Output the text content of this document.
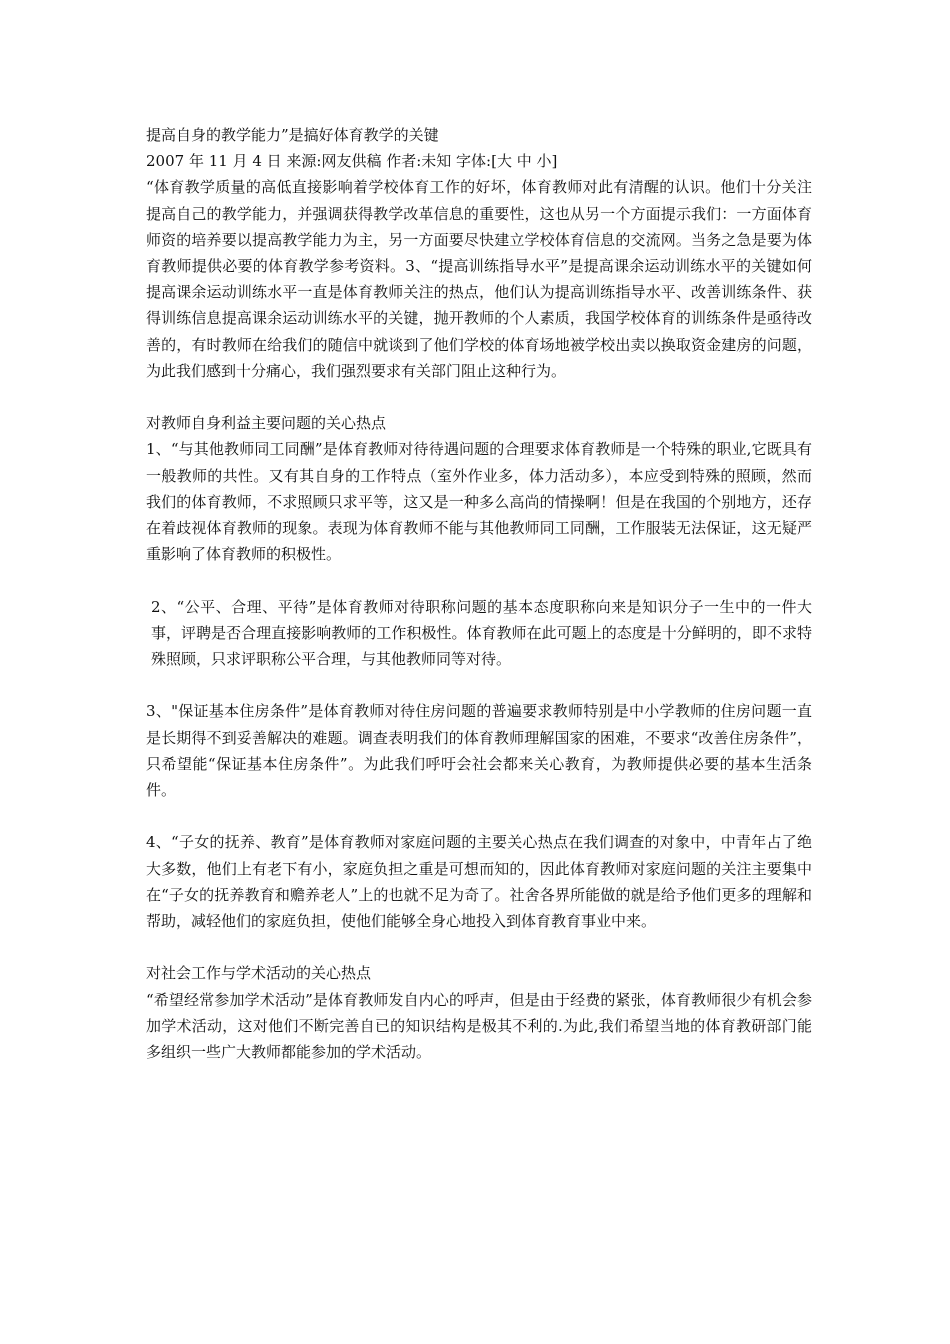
提高自身的教学能力”是搞好体育教学的关键

2007 年 11 月 4 日 来源:网友供稿 作者:未知 字体:[大 中 小]

“体育教学质量的高低直接影响着学校体育工作的好坏，体育教师对此有清醒的认识。他们十分关注提高自己的教学能力，并强调获得教学改革信息的重要性，这也从另一个方面提示我们：一方面体育师资的培养要以提高教学能力为主，另一方面要尽快建立学校体育信息的交流网。当务之急是要为体育教师提供必要的体育教学参考资料。3、“提高训练指导水平”是提高课余运动训练水平的关键如何提高课余运动训练水平一直是体育教师关注的热点，他们认为提高训练指导水平、改善训练条件、获得训练信息提高课余运动训练水平的关键，抛开教师的个人素质，我国学校体育的训练条件是亟待改善的，有时教师在给我们的随信中就谈到了他们学校的体育场地被学校出卖以换取资金建房的问题，为此我们感到十分痛心，我们强烈要求有关部门阻止这种行为。

对教师自身利益主要问题的关心热点

1、“与其他教师同工同酬”是体育教师对待待遇问题的合理要求体育教师是一个特殊的职业,它既具有一般教师的共性。又有其自身的工作特点（室外作业多，体力活动多），本应受到特殊的照顾，然而我们的体育教师，不求照顾只求平等，这又是一种多么高尚的情操啊！但是在我国的个别地方，还存在着歧视体育教师的现象。表现为体育教师不能与其他教师同工同酬，工作服装无法保证，这无疑严重影响了体育教师的积极性。

2、“公平、合理、平待”是体育教师对待职称问题的基本态度职称向来是知识分子一生中的一件大事，评聘是否合理直接影响教师的工作积极性。体育教师在此可题上的态度是十分鲜明的，即不求特殊照顾，只求评职称公平合理，与其他教师同等对待。

3、"保证基本住房条件”是体育教师对待住房问题的普遍要求教师特别是中小学教师的住房问题一直是长期得不到妥善解决的难题。调查表明我们的体育教师理解国家的困难，不要求“改善住房条件”，只希望能“保证基本住房条件”。为此我们呼吁会社会都来关心教育，为教师提供必要的基本生活条件。

4、“子女的抚养、教育”是体育教师对家庭问题的主要关心热点在我们调查的对象中，中青年占了绝大多数，他们上有老下有小，家庭负担之重是可想而知的，因此体育教师对家庭问题的关注主要集中在“子女的抚养教育和赡养老人”上的也就不足为奇了。社舍各界所能做的就是给予他们更多的理解和帮助，减轻他们的家庭负担，使他们能够全身心地投入到体育教育事业中来。

对社会工作与学术活动的关心热点

“希望经常参加学术活动”是体育教师发自内心的呼声，但是由于经费的紧张，体育教师很少有机会参加学术活动，这对他们不断完善自已的知识结构是极其不利的.为此,我们希望当地的体育教研部门能多组织一些广大教师都能参加的学术活动。
